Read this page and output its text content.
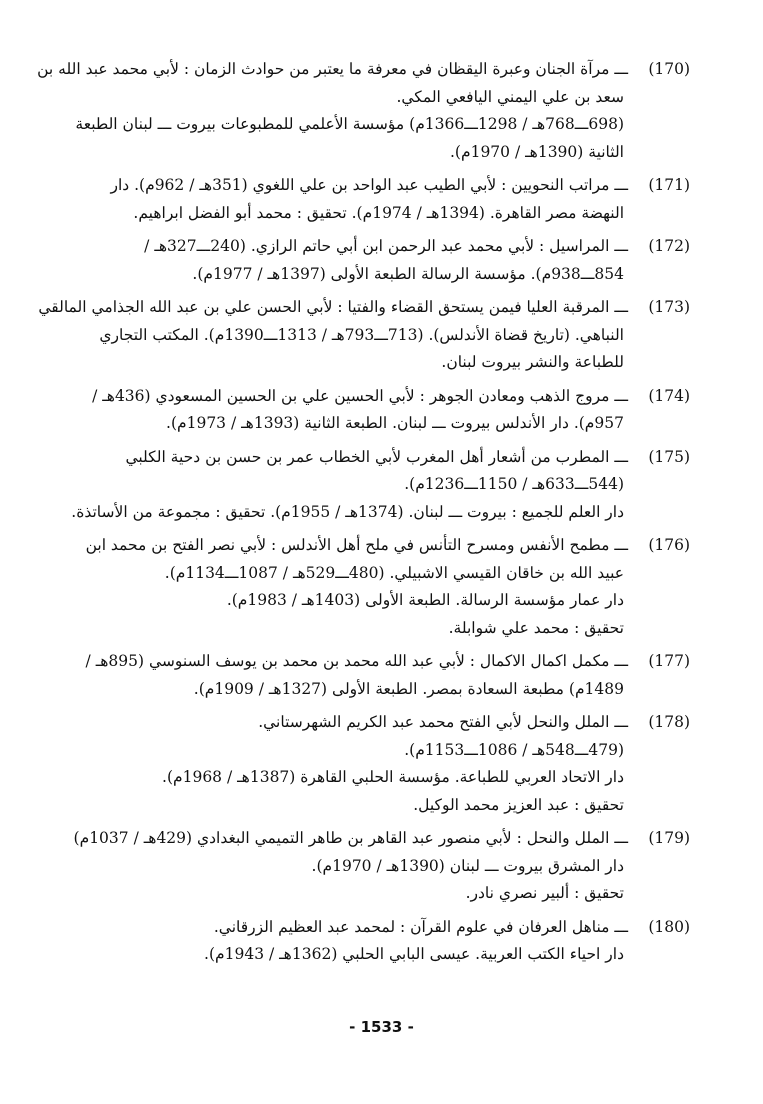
(170)
ـــ مرآة الجنان وعبرة اليقظان في معرفة ما يعتبر من حوادث الزمان : لأبي محمد عبد الله بن
سعد بن علي اليمني اليافعي المكي.
(698ـــ768هـ / 1298ـــ1366م) مؤسسة الأعلمي للمطبوعات بيروت ـــ لبنان الطبعة
الثانية (1390هـ / 1970م).
(171)
ـــ مراتب النحويين : لأبي الطيب عبد الواحد بن علي اللغوي (351هـ / 962م). دار
النهضة مصر القاهرة. (1394هـ / 1974م). تحقيق : محمد أبو الفضل ابراهيم.
(172)
ـــ المراسيل : لأبي محمد عبد الرحمن ابن أبي حاتم الرازي. (240ـــ327هـ /
854ـــ938م). مؤسسة الرسالة الطبعة الأولى (1397هـ / 1977م).
(173)
ـــ المرقبة العليا فيمن يستحق القضاء والفتيا : لأبي الحسن علي بن عبد الله الجذامي المالقي
النباهي. (تاريخ قضاة الأندلس). (713ـــ793هـ / 1313ـــ1390م). المكتب التجاري
للطباعة والنشر بيروت لبنان.
(174)
ـــ مروج الذهب ومعادن الجوهر : لأبي الحسين علي بن الحسين المسعودي (436هـ /
957م). دار الأندلس بيروت ـــ لبنان. الطبعة الثانية (1393هـ / 1973م).
(175)
ـــ المطرب من أشعار أهل المغرب لأبي الخطاب عمر بن حسن بن دحية الكلبي
(544ـــ633هـ / 1150ـــ1236م).
دار العلم للجميع : بيروت ـــ لبنان. (1374هـ / 1955م). تحقيق : مجموعة من الأساتذة.
(176)
ـــ مطمح الأنفس ومسرح التأنس في ملح أهل الأندلس : لأبي نصر الفتح بن محمد ابن
عبيد الله بن خاقان القيسي الاشبيلي. (480ـــ529هـ / 1087ـــ1134م).
دار عمار مؤسسة الرسالة. الطبعة الأولى (1403هـ / 1983م).
تحقيق : محمد علي شوابلة.
(177)
ـــ مكمل اكمال الاكمال : لأبي عبد الله محمد بن محمد بن يوسف السنوسي (895هـ /
1489م) مطبعة السعادة بمصر. الطبعة الأولى (1327هـ / 1909م).
(178)
ـــ الملل والنحل لأبي الفتح محمد عبد الكريم الشهرستاني.
(479ـــ548هـ / 1086ـــ1153م).
دار الاتحاد العربي للطباعة. مؤسسة الحلبي القاهرة (1387هـ / 1968م).
تحقيق : عبد العزيز محمد الوكيل.
(179)
ـــ الملل والنحل : لأبي منصور عبد القاهر بن طاهر التميمي البغدادي (429هـ / 1037م)
دار المشرق بيروت ـــ لبنان (1390هـ / 1970م).
تحقيق : ألبير نصري نادر.
(180)
ـــ مناهل العرفان في علوم القرآن : لمحمد عبد العظيم الزرقاني.
دار احياء الكتب العربية. عيسى البابي الحلبي (1362هـ / 1943م).
- 1533 -
